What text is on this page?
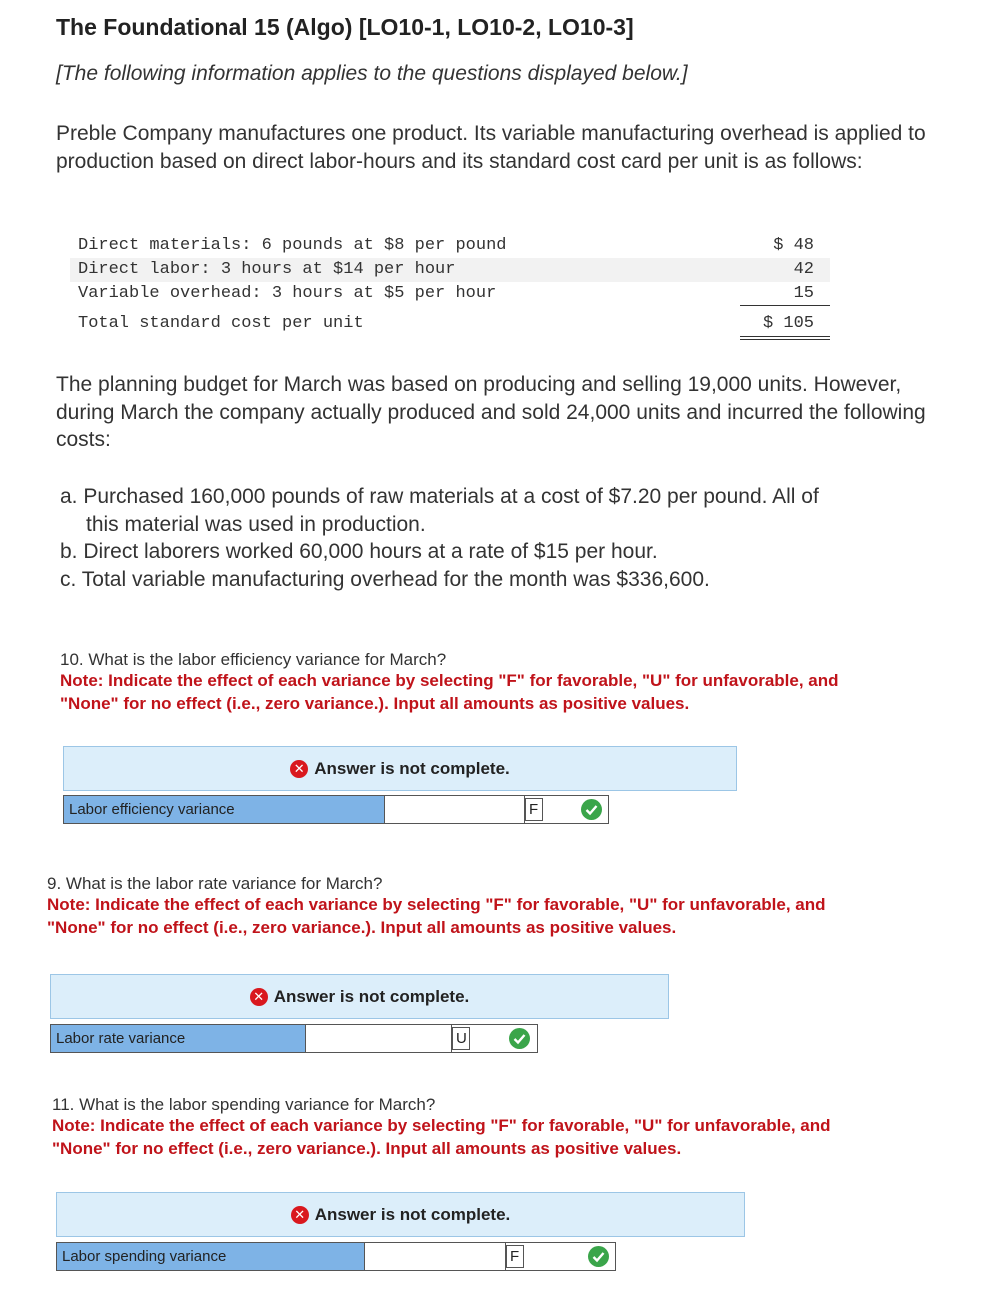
The Foundational 15 (Algo) [LO10-1, LO10-2, LO10-3]
[The following information applies to the questions displayed below.]
Preble Company manufactures one product. Its variable manufacturing overhead is applied to production based on direct labor-hours and its standard cost card per unit is as follows:
Direct materials: 6 pounds at $8 per pound	$ 48
Direct labor: 3 hours at $14 per hour	42
Variable overhead: 3 hours at $5 per hour	15
Total standard cost per unit	$ 105
The planning budget for March was based on producing and selling 19,000 units. However, during March the company actually produced and sold 24,000 units and incurred the following costs:
a. Purchased 160,000 pounds of raw materials at a cost of $7.20 per pound. All of
this material was used in production.
b. Direct laborers worked 60,000 hours at a rate of $15 per hour.
c. Total variable manufacturing overhead for the month was $336,600.
10. What is the labor efficiency variance for March?
Note: Indicate the effect of each variance by selecting "F" for favorable, "U" for unfavorable, and
"None" for no effect (i.e., zero variance.). Input all amounts as positive values.
✕ Answer is not complete.
Labor efficiency variance	F
9. What is the labor rate variance for March?
Note: Indicate the effect of each variance by selecting "F" for favorable, "U" for unfavorable, and
"None" for no effect (i.e., zero variance.). Input all amounts as positive values.
✕ Answer is not complete.
Labor rate variance	U
11. What is the labor spending variance for March?
Note: Indicate the effect of each variance by selecting "F" for favorable, "U" for unfavorable, and
"None" for no effect (i.e., zero variance.). Input all amounts as positive values.
✕ Answer is not complete.
Labor spending variance	F
